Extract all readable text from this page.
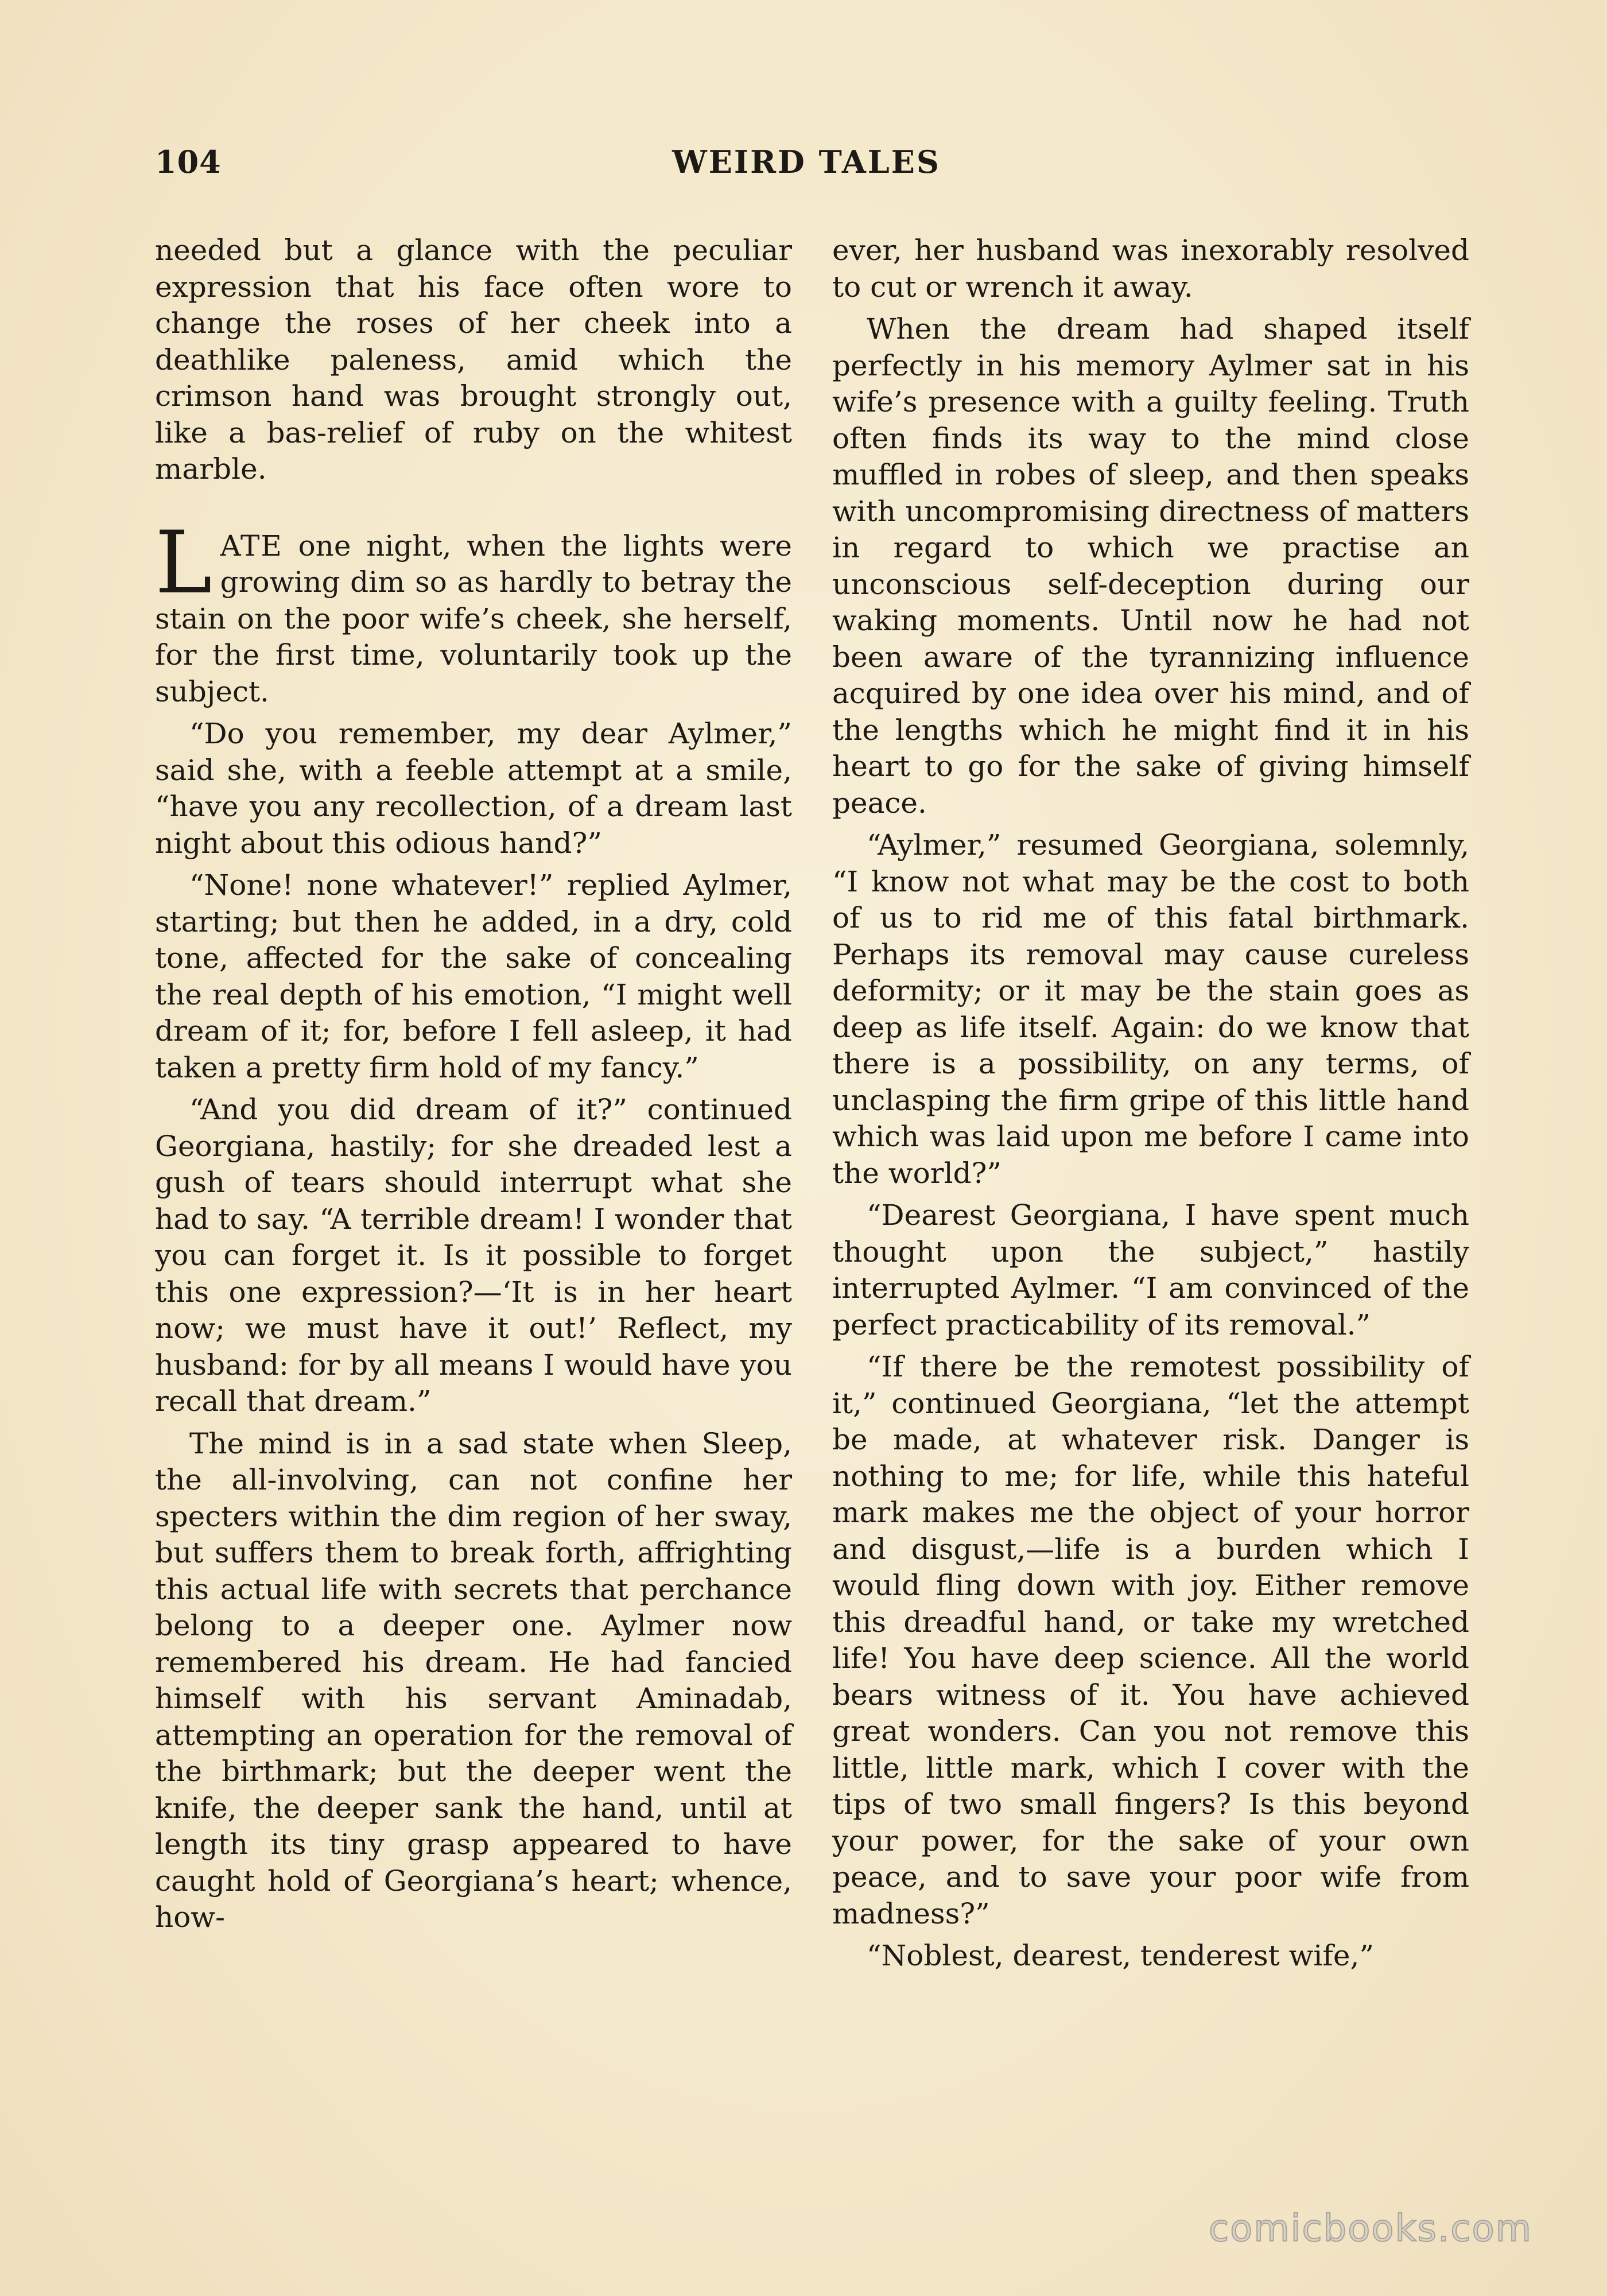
104	WEIRD TALES

needed but a glance with the peculiar expression that his face often wore to change the roses of her cheek into a deathlike paleness, amid which the crimson hand was brought strongly out, like a bas-relief of ruby on the whitest marble.

LATE one night, when the lights were growing dim so as hardly to betray the stain on the poor wife’s cheek, she herself, for the first time, voluntarily took up the subject.

“Do you remember, my dear Aylmer,” said she, with a feeble attempt at a smile, “have you any recollection, of a dream last night about this odious hand?”

“None! none whatever!” replied Aylmer, starting; but then he added, in a dry, cold tone, affected for the sake of concealing the real depth of his emotion, “I might well dream of it; for, before I fell asleep, it had taken a pretty firm hold of my fancy.”

“And you did dream of it?” continued Georgiana, hastily; for she dreaded lest a gush of tears should interrupt what she had to say. “A terrible dream! I wonder that you can forget it. Is it possible to forget this one expression?—‘It is in her heart now; we must have it out!’ Reflect, my husband: for by all means I would have you recall that dream.”

The mind is in a sad state when Sleep, the all-involving, can not confine her specters within the dim region of her sway, but suffers them to break forth, affrighting this actual life with secrets that perchance belong to a deeper one. Aylmer now remembered his dream. He had fancied himself with his servant Aminadab, attempting an operation for the removal of the birthmark; but the deeper went the knife, the deeper sank the hand, until at length its tiny grasp appeared to have caught hold of Georgiana’s heart; whence, how-

ever, her husband was inexorably resolved to cut or wrench it away.

When the dream had shaped itself perfectly in his memory Aylmer sat in his wife’s presence with a guilty feeling. Truth often finds its way to the mind close muffled in robes of sleep, and then speaks with uncompromising directness of matters in regard to which we practise an unconscious self-deception during our waking moments. Until now he had not been aware of the tyrannizing influence acquired by one idea over his mind, and of the lengths which he might find it in his heart to go for the sake of giving himself peace.

“Aylmer,” resumed Georgiana, solemnly, “I know not what may be the cost to both of us to rid me of this fatal birthmark. Perhaps its removal may cause cureless deformity; or it may be the stain goes as deep as life itself. Again: do we know that there is a possibility, on any terms, of unclasping the firm gripe of this little hand which was laid upon me before I came into the world?”

“Dearest Georgiana, I have spent much thought upon the subject,” hastily interrupted Aylmer. “I am convinced of the perfect practicability of its removal.”

“If there be the remotest possibility of it,” continued Georgiana, “let the attempt be made, at whatever risk. Danger is nothing to me; for life, while this hateful mark makes me the object of your horror and disgust,—life is a burden which I would fling down with joy. Either remove this dreadful hand, or take my wretched life! You have deep science. All the world bears witness of it. You have achieved great wonders. Can you not remove this little, little mark, which I cover with the tips of two small fingers? Is this beyond your power, for the sake of your own peace, and to save your poor wife from madness?”

“Noblest, dearest, tenderest wife,”

comicbooks.com
